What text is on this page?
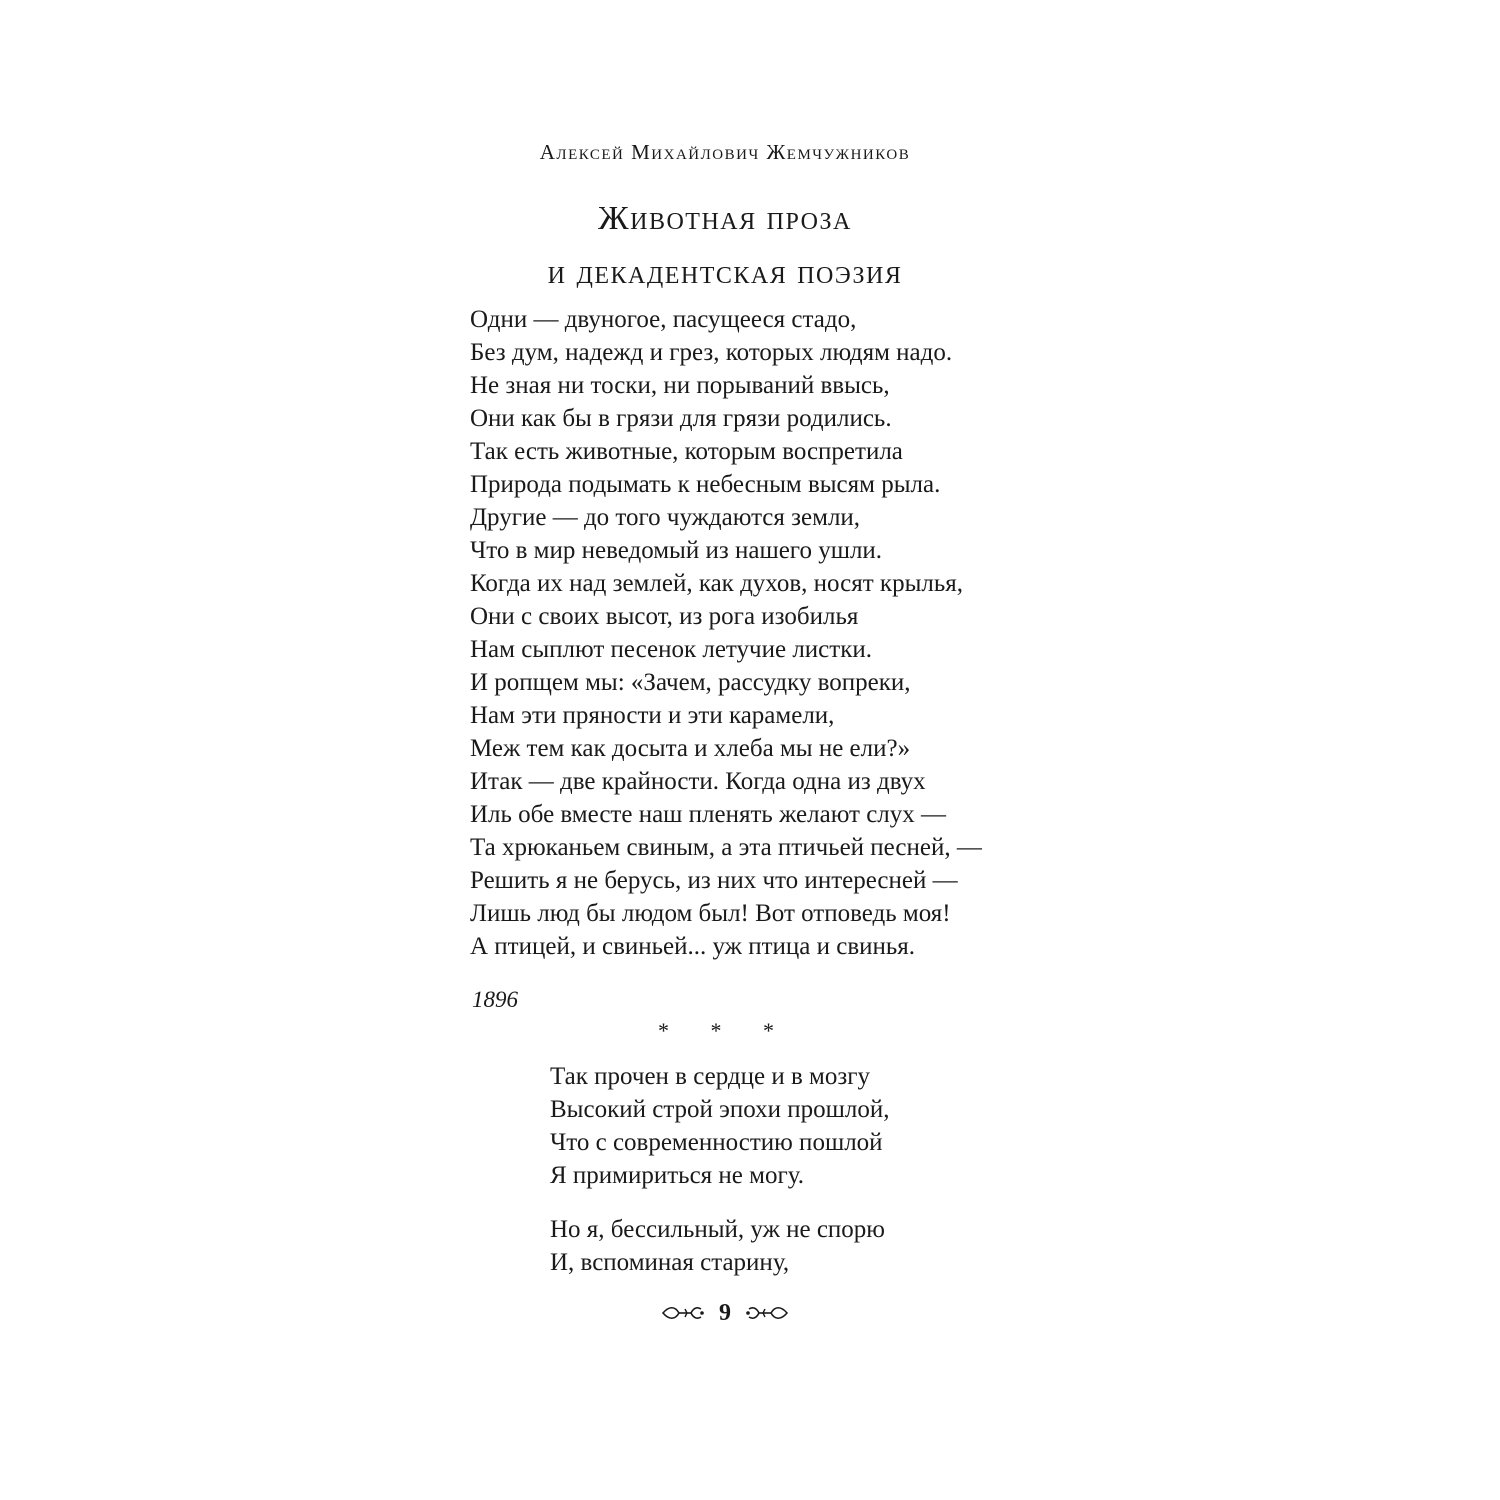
Алексей Михайлович Жемчужников
Животная проза
и декадентская поэзия
Одни — двуногое, пасущееся стадо,
Без дум, надежд и грез, которых людям надо.
Не зная ни тоски, ни порываний ввысь,
Они как бы в грязи для грязи родились.
Так есть животные, которым воспретила
Природа подымать к небесным высям рыла.
Другие — до того чуждаются земли,
Что в мир неведомый из нашего ушли.
Когда их над землей, как духов, носят крылья,
Они с своих высот, из рога изобилья
Нам сыплют песенок летучие листки.
И ропщем мы: «Зачем, рассудку вопреки,
Нам эти пряности и эти карамели,
Меж тем как досыта и хлеба мы не ели?»
Итак — две крайности. Когда одна из двух
Иль обе вместе наш пленять желают слух —
Та хрюканьем свиным, а эта птичьей песней, —
Решить я не берусь, из них что интересней —
Лишь люд бы людом был! Вот отповедь моя!
А птицей, и свиньей... уж птица и свинья.
1896
* * *
Так прочен в сердце и в мозгу
Высокий строй эпохи прошлой,
Что с современностию пошлой
Я примириться не могу.
Но я, бессильный, уж не спорю
И, вспоминая старину,
9
